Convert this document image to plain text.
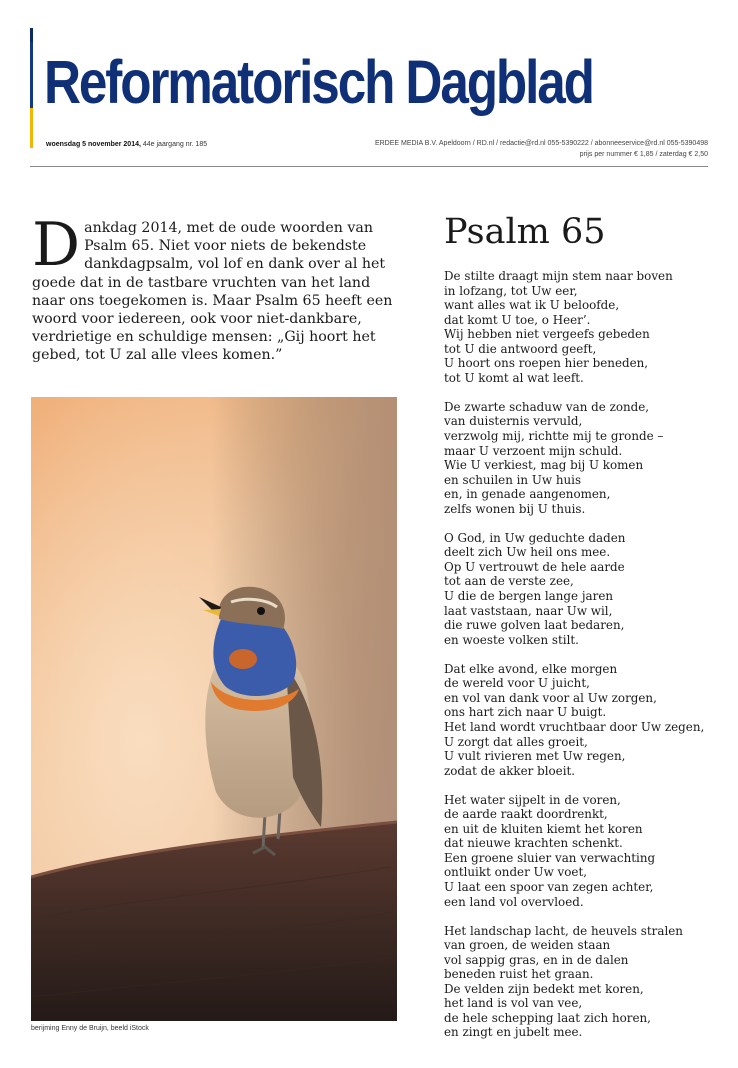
Reformatorisch Dagblad
woensdag 5 november 2014, 44e jaargang nr. 185	ERDEE MEDIA B.V. Apeldoorn / RD.nl / redactie@rd.nl 055-5390222 / abonneeservice@rd.nl 055-5390498
prijs per nummer € 1,85 / zaterdag € 2,50
Dankdag 2014, met de oude woorden van Psalm 65. Niet voor niets de bekendste dankdagpsalm, vol lof en dank over al het goede dat in de tastbare vruchten van het land naar ons toegekomen is. Maar Psalm 65 heeft een woord voor iedereen, ook voor niet-dankbare, verdrietige en schuldige mensen: „Gij hoort het gebed, tot U zal alle vlees komen.”
berijming Enny de Bruijn, beeld iStock
Psalm 65
De stilte draagt mijn stem naar boven
in lofzang, tot Uw eer,
want alles wat ik U beloofde,
dat komt U toe, o Heer’.
Wij hebben niet vergeefs gebeden
tot U die antwoord geeft,
U hoort ons roepen hier beneden,
tot U komt al wat leeft.
De zwarte schaduw van de zonde,
van duisternis vervuld,
verzwolg mij, richtte mij te gronde –
maar U verzoent mijn schuld.
Wie U verkiest, mag bij U komen
en schuilen in Uw huis
en, in genade aangenomen,
zelfs wonen bij U thuis.
O God, in Uw geduchte daden
deelt zich Uw heil ons mee.
Op U vertrouwt de hele aarde
tot aan de verste zee,
U die de bergen lange jaren
laat vaststaan, naar Uw wil,
die ruwe golven laat bedaren,
en woeste volken stilt.
Dat elke avond, elke morgen
de wereld voor U juicht,
en vol van dank voor al Uw zorgen,
ons hart zich naar U buigt.
Het land wordt vruchtbaar door Uw zegen,
U zorgt dat alles groeit,
U vult rivieren met Uw regen,
zodat de akker bloeit.
Het water sijpelt in de voren,
de aarde raakt doordrenkt,
en uit de kluiten kiemt het koren
dat nieuwe krachten schenkt.
Een groene sluier van verwachting
ontluikt onder Uw voet,
U laat een spoor van zegen achter,
een land vol overvloed.
Het landschap lacht, de heuvels stralen
van groen, de weiden staan
vol sappig gras, en in de dalen
beneden ruist het graan.
De velden zijn bedekt met koren,
het land is vol van vee,
de hele schepping laat zich horen,
en zingt en jubelt mee.
